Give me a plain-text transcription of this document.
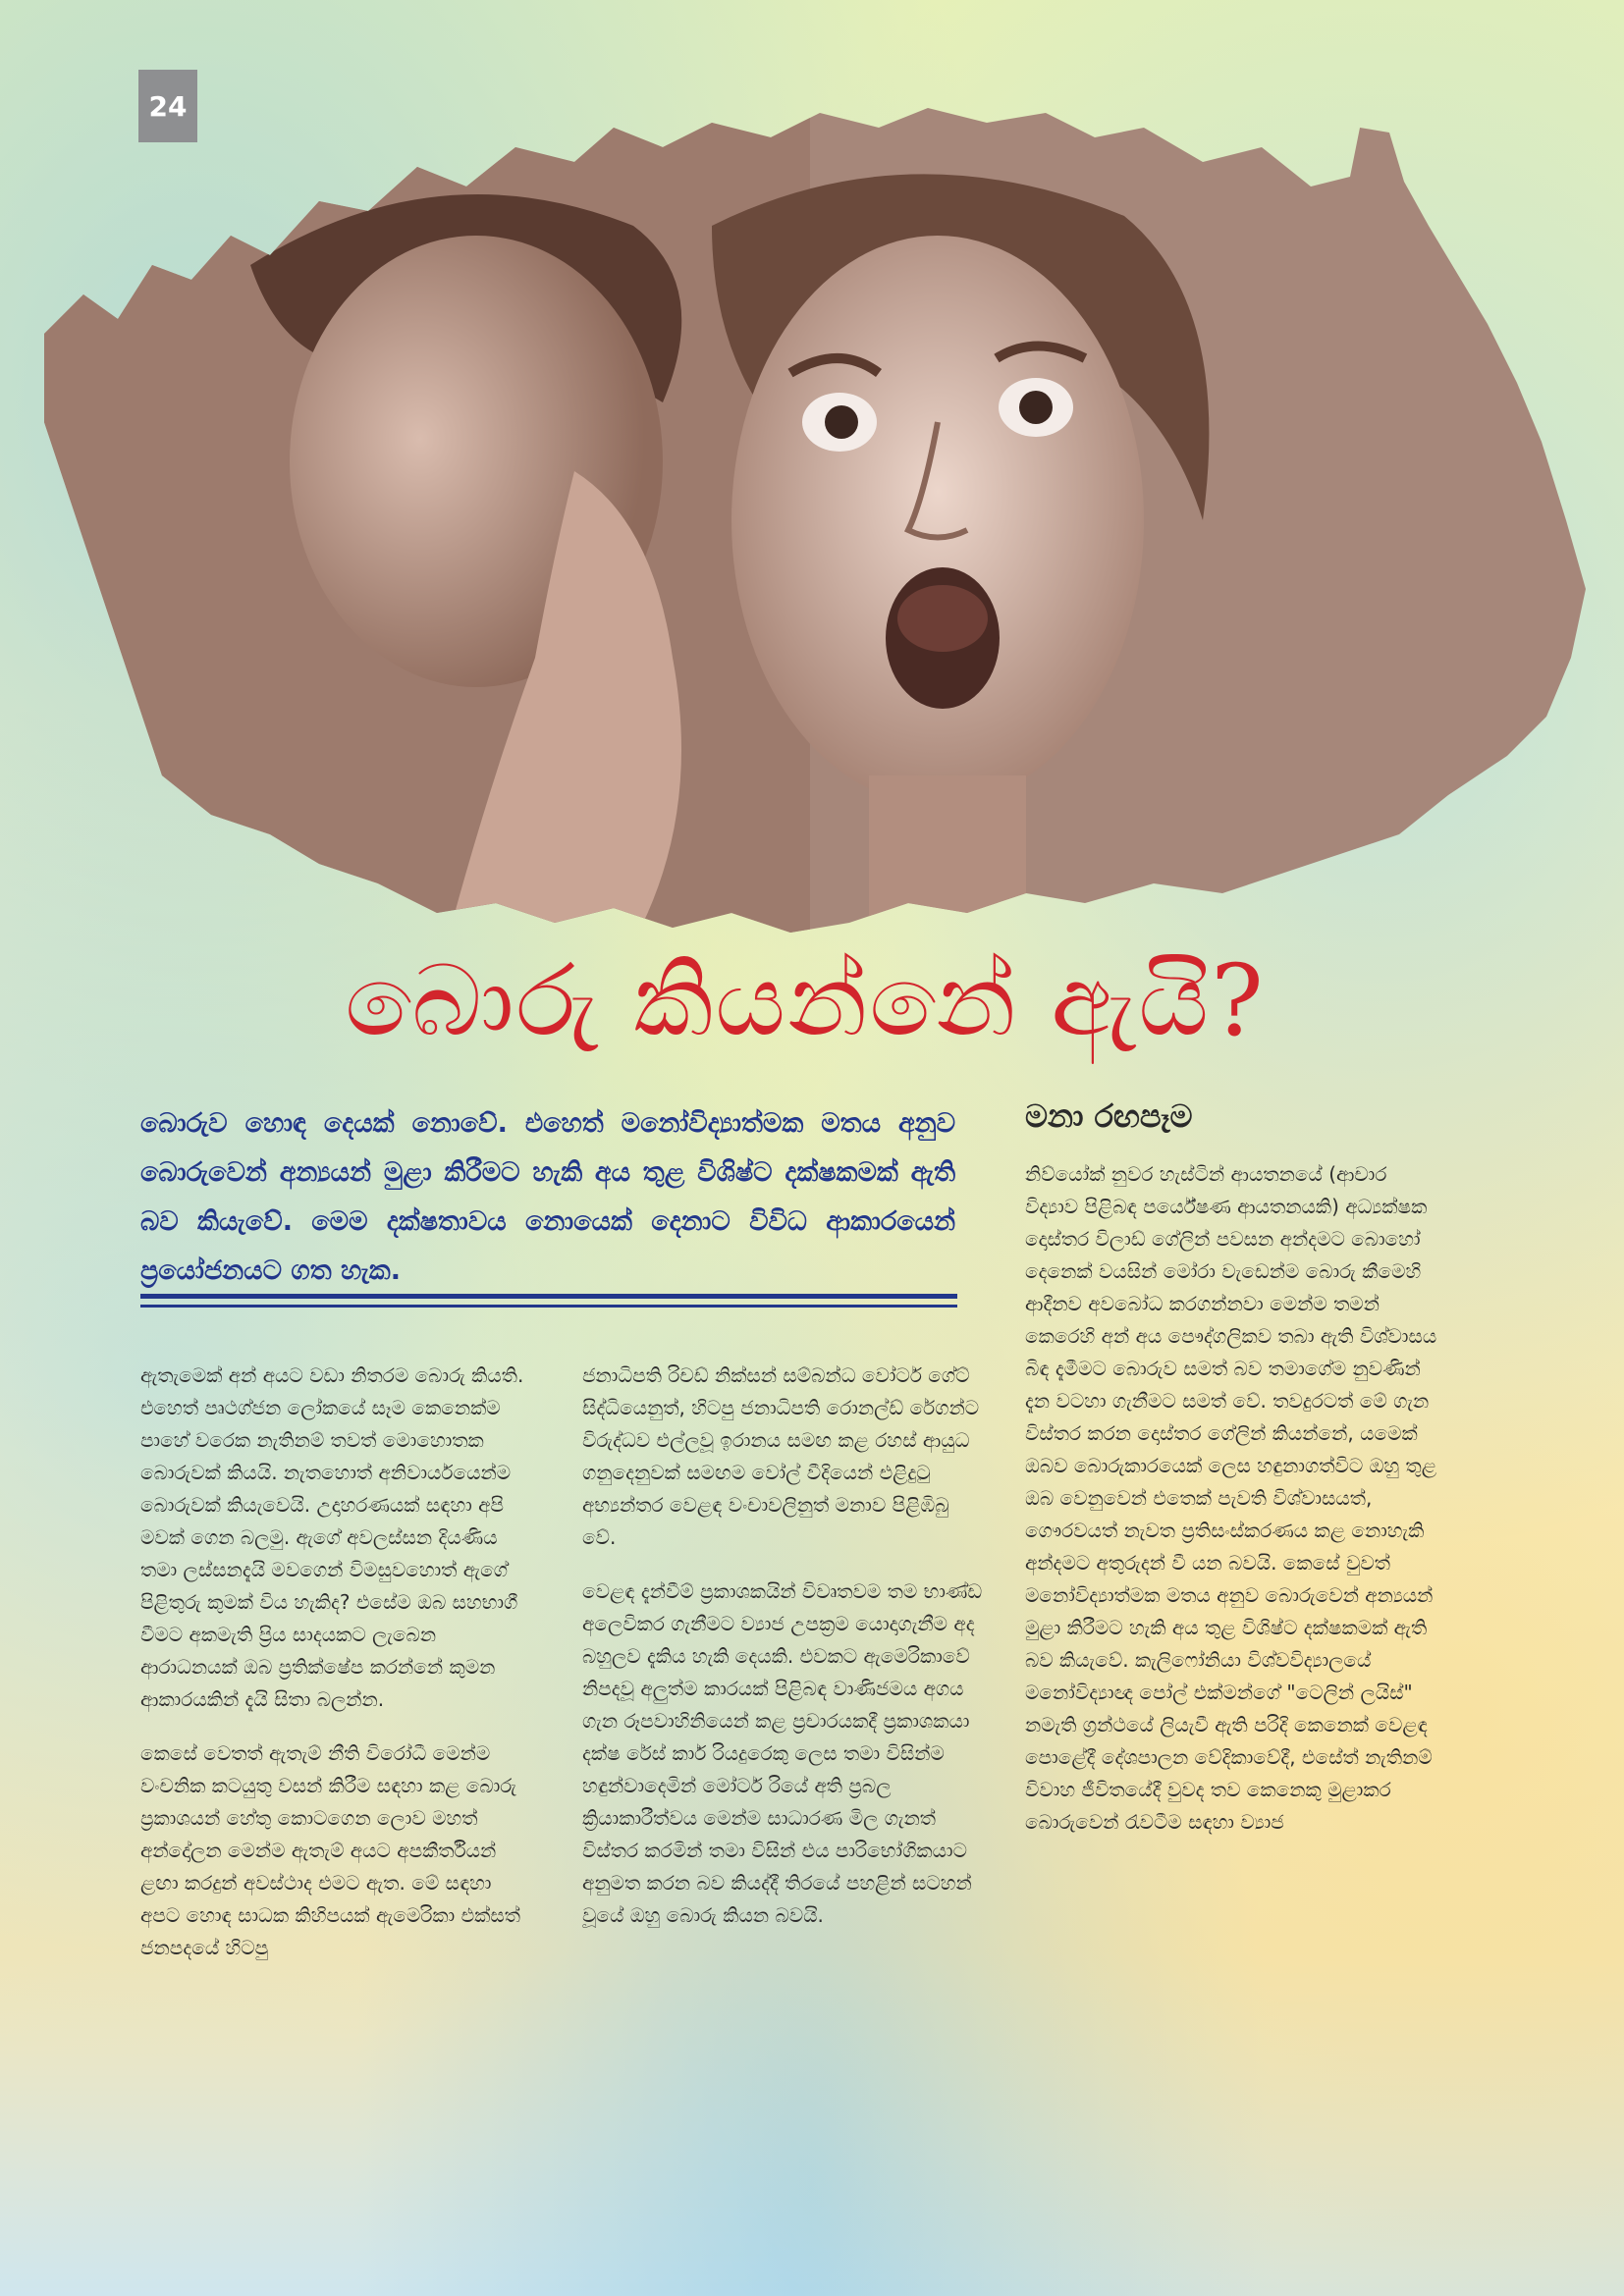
24
බොරු කියන්නේ ඇයි?
බොරුව හොඳ දෙයක් නොවේ. එහෙත් මනෝවිද්‍යාත්මක මතය අනුව බොරුවෙන් අන්‍යයන් මුළා කිරීමට හැකි අය තුළ විශිෂ්ට දක්ෂකමක් ඇති බව කියැවේ. මෙම දක්ෂතාවය නොයෙක් දෙනාට විවිධ ආකාරයෙන් ප්‍රයෝජනයට ගත හැක.
මනා රඟපෑම

ඇතැමෙක් අන් අයට වඩා නිතරම බොරු කියති. එහෙත් පෘථග්ජන ලෝකයේ සෑම කෙනෙක්ම පාහේ වරෙක නැතිනම් තවත් මොහොතක බොරුවක් කියයි. නැතහොත් අනිවාර්යයෙන්ම බොරුවක් කියැවෙයි. උදාහරණයක් සඳහා අපි මවක් ගෙන බලමු. ඇගේ අවලස්සන දියණිය තමා ලස්සනදැයි මවගෙන් විමසුවහොත් ඇගේ පිළිතුරු කුමක් විය හැකිද? එසේම ඔබ සහභාගී වීමට අකමැති ප්‍රිය සාදයකට ලැබෙන ආරාධනයක් ඔබ ප්‍රතික්ෂේප කරන්නේ කුමන ආකාරයකින් දැයි සිතා බලන්න.

කෙසේ වෙතත් ඇතැම් නීති විරෝධී මෙන්ම වංචනික කටයුතු වසන් කිරීම සඳහා කළ බොරු ප්‍රකාශයන් හේතු කොටගෙන ලොව මහත් අන්දෝලන මෙන්ම ඇතැම් අයට අපකීර්තියන් ළඟා කරදුන් අවස්ථාද එමට ඇත. මේ සඳහා අපට හොඳ සාධක කිහිපයක් ඇමෙරිකා එක්සත් ජනපදයේ හිටපු

ජනාධිපති රිචඩ් නික්සන් සම්බන්ධ වෝටර් ගේට් සිද්ධියෙනුත්, හිටපු ජනාධිපති රොනල්ඩ් රේගන්ට විරුද්ධව එල්ලවූ ඉරානය සමඟ කළ රහස් ආයුධ ගනුදෙනුවක් සමඟම වෝල් වීදියෙන් එළිදුටු අභ්‍යන්තර වෙළඳ වංචාවලිනුත් මනාව පිළිඹිබු වේ.

වෙළඳ දැන්වීම් ප්‍රකාශකයින් විවෘතවම තම භාණ්ඩ අලෙවිකර ගැනීමට ව්‍යාජ උපක්‍රම යොදාගැනීම අද බහුලව දැකිය හැකි දෙයකි. එවකට ඇමෙරිකාවේ නිපදවූ අලුත්ම කාරයක් පිළිබඳ වාණිජමය අගය ගැන රූපවාහිනියෙන් කළ ප්‍රචාරයකදී ප්‍රකාශකයා දක්ෂ රේස් කාර් රියදුරෙකු ලෙස තමා විසින්ම හඳුන්වාදෙමින් මෝටර් රියේ අති ප්‍රබල ක්‍රියාකාරීත්වය මෙන්ම සාධාරණ මිල ගැනත් විස්තර කරමින් තමා විසින් එය පාරිභෝගිකයාට අනුමත කරන බව කියද්දී තිරයේ පහළින් සටහන් වූයේ ඔහු බොරු කියන බවයි.

නිව්යෝක් නුවර හැස්ටින් ආයතනයේ (ආචාර විද්‍යාව පිළිබඳ පර්යේෂණ ආයතනයකි) අධ්‍යක්ෂක දොස්තර විලාඩ් ගේලින් පවසන අන්දමට බොහෝ දෙනෙක් වයසින් මෝරා වැඩෙන්ම බොරු කීමෙහි ආදීනව අවබෝධ කරගන්නවා මෙන්ම තමන් කෙරෙහි අන් අය පෞද්ගලිකව තබා ඇති විශ්වාසය බිඳ දැමීමට බොරුව සමත් බව තමාගේම නුවණින් දැන වටහා ගැනීමට සමත් වේ. තවදුරටත් මේ ගැන විස්තර කරන දොස්තර ගේලින් කියන්නේ, යමෙක් ඔබව බොරුකාරයෙක් ලෙස හඳුනාගත්විට ඔහු තුළ ඔබ වෙනුවෙන් එතෙක් පැවති විශ්වාසයත්, ගෞරවයත් නැවත ප්‍රතිසංස්කරණය කළ නොහැකි අන්දමට අතුරුදන් වී යන බවයි. කෙසේ වුවත් මනෝවිද්‍යාත්මක මතය අනුව බොරුවෙන් අන්‍යයන් මුළා කිරීමට හැකි අය තුළ විශිෂ්ට දක්ෂකමක් ඇති බව කියැවේ. කැලිෆෝනියා විශ්වවිද්‍යාලයේ මනෝවිද්‍යාඥ පෝල් එක්මන්ගේ "ටෙලින් ලයිස්" නමැති ග්‍රන්ථයේ ලියැවී ඇති පරිදි කෙනෙක් වෙළඳ පොළේදී දේශපාලන වේදිකාවේදී, එසේත් නැතිනම් විවාහ ජීවිතයේදී වුවද තව කෙනෙකු මුළාකර බොරුවෙන් රැවටීම සඳහා ව්‍යාජ
